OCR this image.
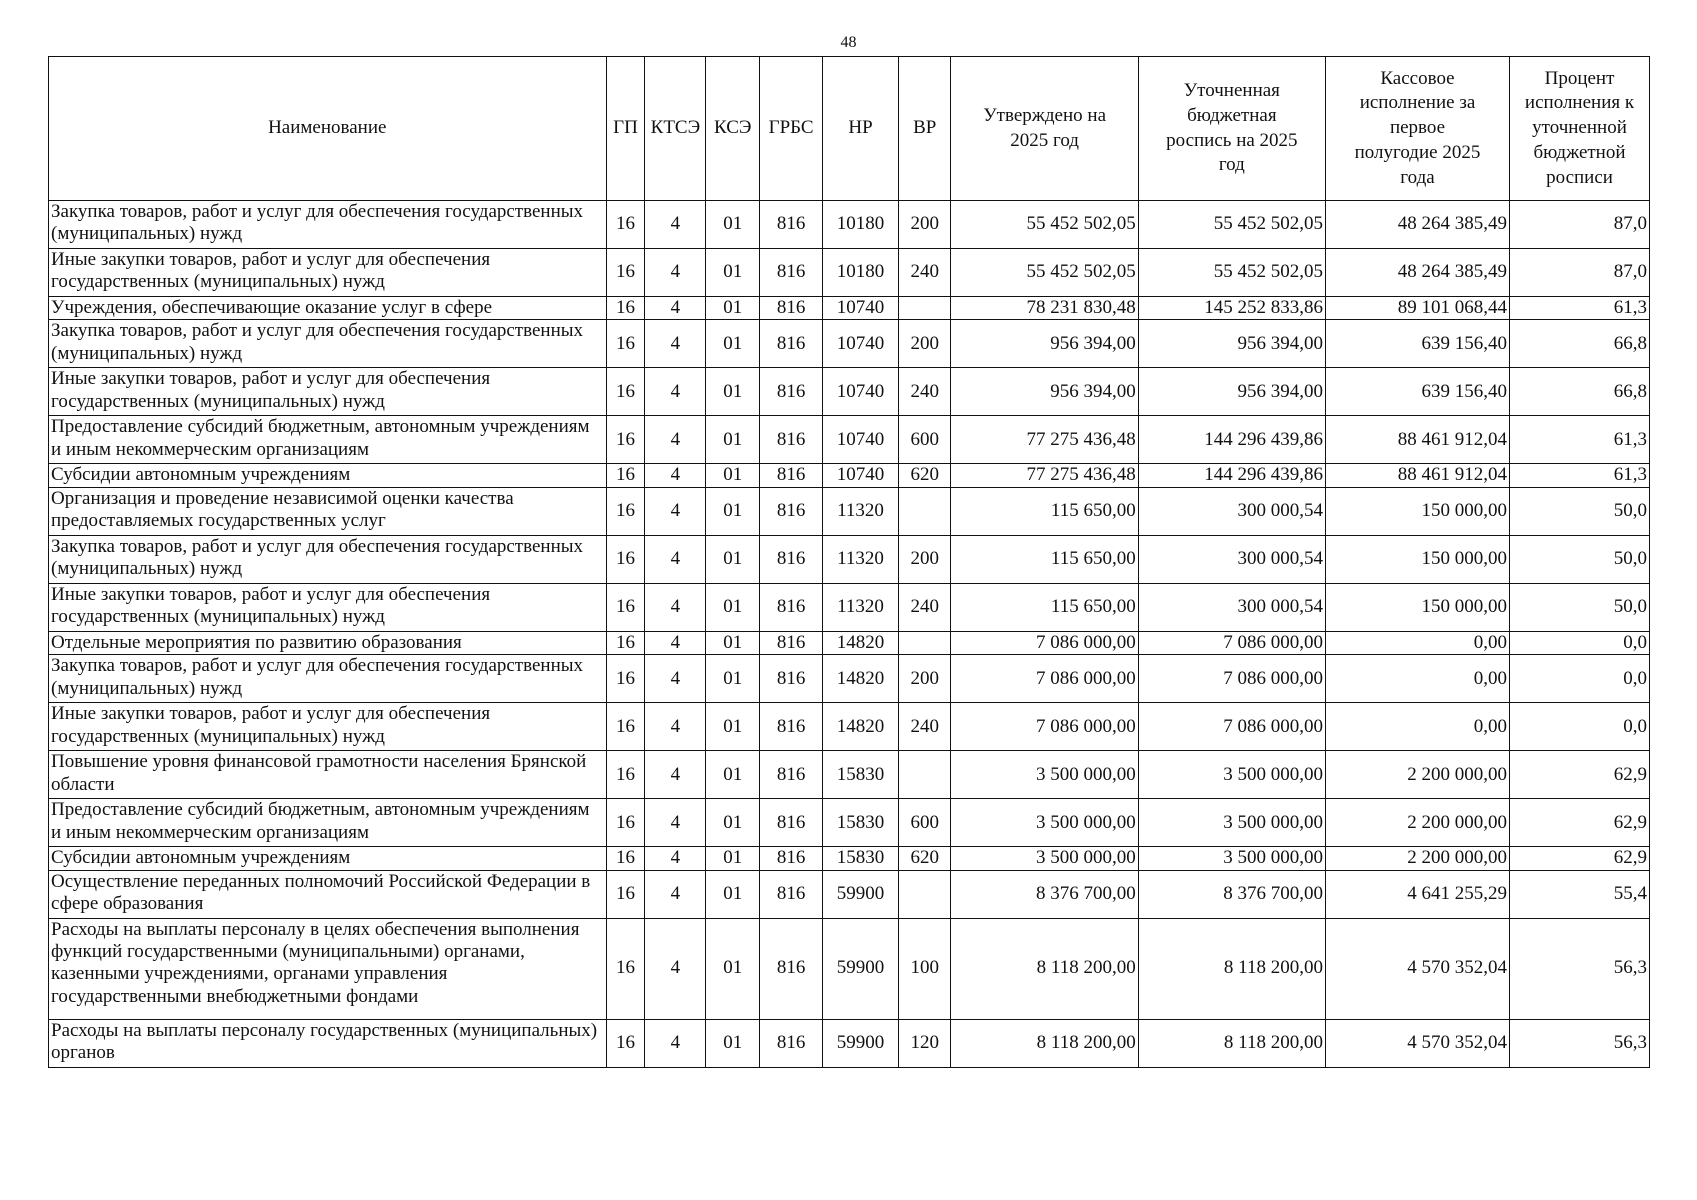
48
Наименование	ГП	КТСЭ	КСЭ	ГРБС	НР	ВР	Утверждено на 2025 год	Уточненная бюджетная роспись на 2025 год	Кассовое исполнение за первое полугодие 2025 года	Процент исполнения к уточненной бюджетной росписи
Закупка товаров, работ и услуг для обеспечения государственных (муниципальных) нужд	16	4	01	816	10180	200	55 452 502,05	55 452 502,05	48 264 385,49	87,0
Иные закупки товаров, работ и услуг для обеспечения государственных (муниципальных) нужд	16	4	01	816	10180	240	55 452 502,05	55 452 502,05	48 264 385,49	87,0
Учреждения, обеспечивающие оказание услуг в сфере	16	4	01	816	10740		78 231 830,48	145 252 833,86	89 101 068,44	61,3
Закупка товаров, работ и услуг для обеспечения государственных (муниципальных) нужд	16	4	01	816	10740	200	956 394,00	956 394,00	639 156,40	66,8
Иные закупки товаров, работ и услуг для обеспечения государственных (муниципальных) нужд	16	4	01	816	10740	240	956 394,00	956 394,00	639 156,40	66,8
Предоставление субсидий бюджетным, автономным учреждениям и иным некоммерческим организациям	16	4	01	816	10740	600	77 275 436,48	144 296 439,86	88 461 912,04	61,3
Субсидии автономным учреждениям	16	4	01	816	10740	620	77 275 436,48	144 296 439,86	88 461 912,04	61,3
Организация и проведение независимой оценки качества предоставляемых государственных услуг	16	4	01	816	11320		115 650,00	300 000,54	150 000,00	50,0
Закупка товаров, работ и услуг для обеспечения государственных (муниципальных) нужд	16	4	01	816	11320	200	115 650,00	300 000,54	150 000,00	50,0
Иные закупки товаров, работ и услуг для обеспечения государственных (муниципальных) нужд	16	4	01	816	11320	240	115 650,00	300 000,54	150 000,00	50,0
Отдельные мероприятия по развитию образования	16	4	01	816	14820		7 086 000,00	7 086 000,00	0,00	0,0
Закупка товаров, работ и услуг для обеспечения государственных (муниципальных) нужд	16	4	01	816	14820	200	7 086 000,00	7 086 000,00	0,00	0,0
Иные закупки товаров, работ и услуг для обеспечения государственных (муниципальных) нужд	16	4	01	816	14820	240	7 086 000,00	7 086 000,00	0,00	0,0
Повышение уровня финансовой грамотности населения Брянской области	16	4	01	816	15830		3 500 000,00	3 500 000,00	2 200 000,00	62,9
Предоставление субсидий бюджетным, автономным учреждениям и иным некоммерческим организациям	16	4	01	816	15830	600	3 500 000,00	3 500 000,00	2 200 000,00	62,9
Субсидии автономным учреждениям	16	4	01	816	15830	620	3 500 000,00	3 500 000,00	2 200 000,00	62,9
Осуществление переданных полномочий Российской Федерации в сфере образования	16	4	01	816	59900		8 376 700,00	8 376 700,00	4 641 255,29	55,4
Расходы на выплаты персоналу в целях обеспечения выполнения функций государственными (муниципальными) органами, казенными учреждениями, органами управления государственными внебюджетными фондами	16	4	01	816	59900	100	8 118 200,00	8 118 200,00	4 570 352,04	56,3
Расходы на выплаты персоналу государственных (муниципальных) органов	16	4	01	816	59900	120	8 118 200,00	8 118 200,00	4 570 352,04	56,3
